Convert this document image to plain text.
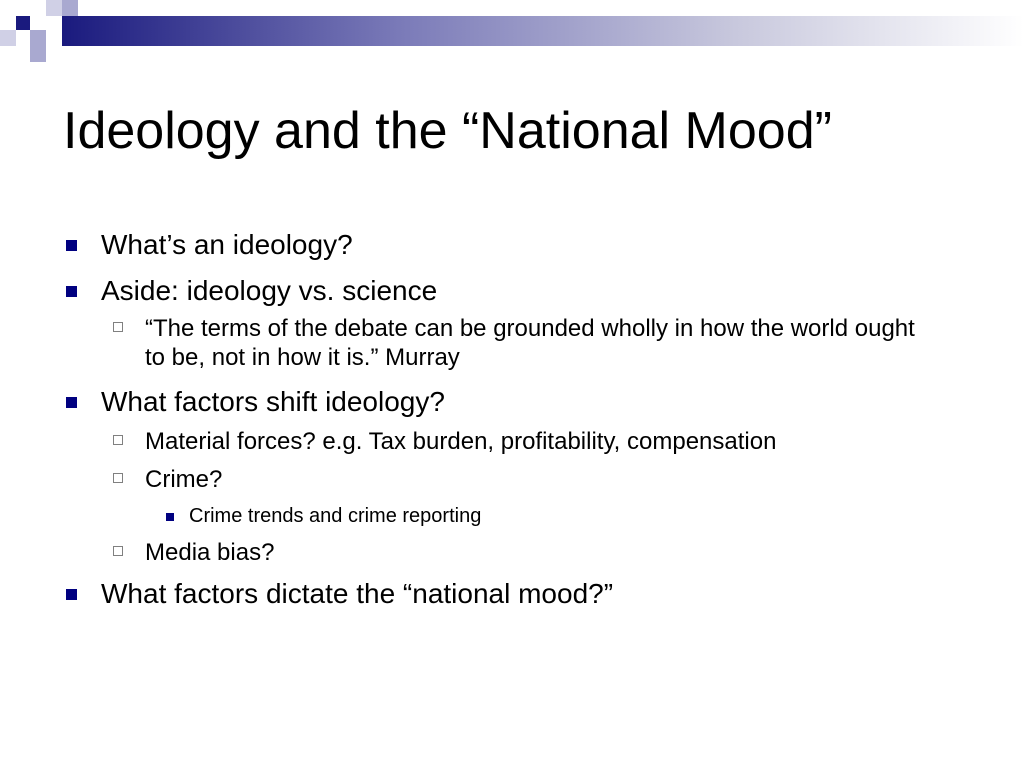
Ideology and the “National Mood”
What’s an ideology?
Aside: ideology vs. science
“The terms of the debate can be grounded wholly in how the world ought to be, not in how it is.” Murray
What factors shift ideology?
Material forces? e.g. Tax burden, profitability, compensation
Crime?
Crime trends and crime reporting
Media bias?
What factors dictate the “national mood?”
